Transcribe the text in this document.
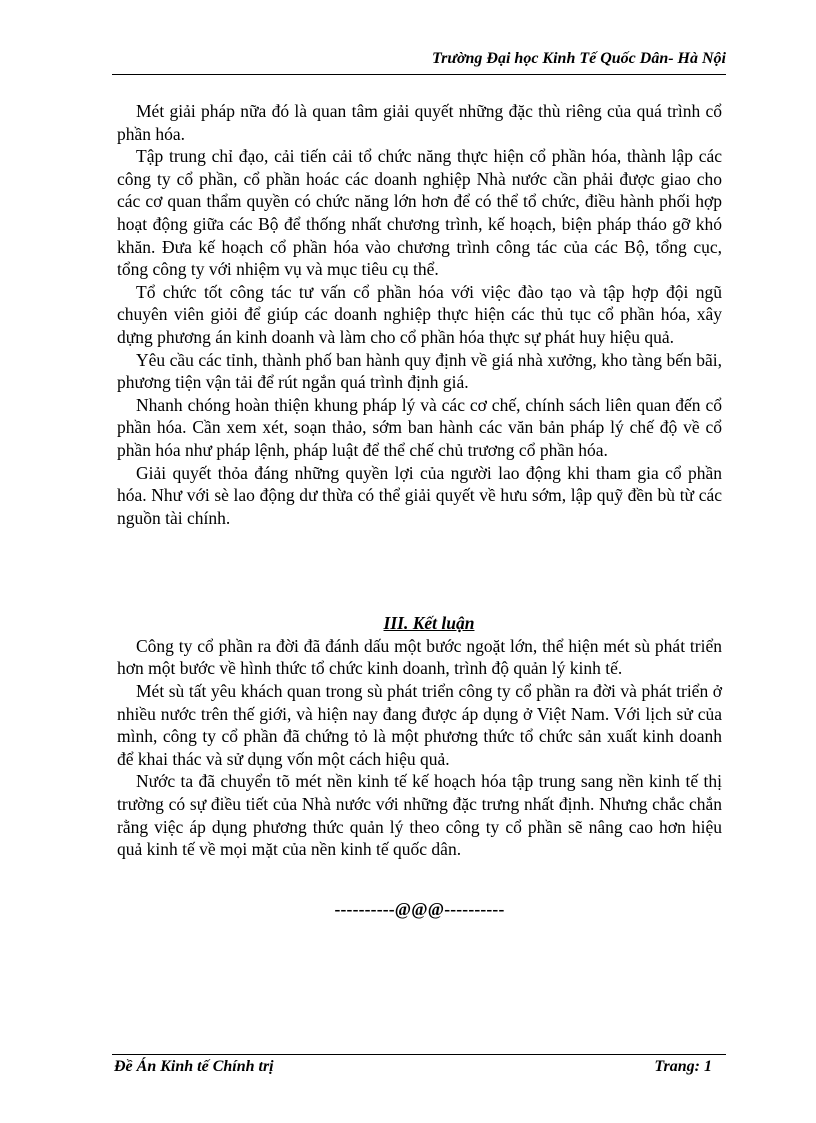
Trường Đại học Kinh Tế Quốc Dân- Hà Nội

Mét giải pháp nữa đó là quan tâm giải quyết những đặc thù riêng của quá trình cổ phần hóa.

Tập trung chỉ đạo, cải tiến cải tổ chức năng thực hiện cổ phần hóa, thành lập các công ty cổ phần, cổ phần hoác các doanh nghiệp Nhà nước cần phải được giao cho các cơ quan thẩm quyền có chức năng lớn hơn để có thể tổ chức, điều hành phối hợp hoạt động giữa các Bộ để thống nhất chương trình, kế hoạch, biện pháp tháo gỡ khó khăn. Đưa kế hoạch cổ phần hóa vào chương trình công tác của các Bộ, tổng cục, tổng công ty với nhiệm vụ và mục tiêu cụ thể.

Tổ chức tốt công tác tư vấn cổ phần hóa với việc đào tạo và tập hợp đội ngũ chuyên viên giỏi để giúp các doanh nghiệp thực hiện các thủ tục cổ phần hóa, xây dựng phương án kinh doanh và làm cho cổ phần hóa thực sự phát huy hiệu quả.

Yêu cầu các tỉnh, thành phố ban hành quy định về giá nhà xưởng, kho tàng bến bãi, phương tiện vận tải để rút ngắn quá trình định giá.

Nhanh chóng hoàn thiện khung pháp lý và các cơ chế, chính sách liên quan đến cổ phần hóa. Cần xem xét, soạn thảo, sớm ban hành các văn bản pháp lý chế độ về cổ phần hóa như pháp lệnh, pháp luật để thể chế chủ trương cổ phần hóa.

Giải quyết thỏa đáng những quyền lợi của người lao động khi tham gia cổ phần hóa. Như với sè lao động dư thừa có thể giải quyết về hưu sớm, lập quỹ đền bù từ các nguồn tài chính.

III. Kết luận

Công ty cổ phần ra đời đã đánh dấu một bước ngoặt lớn, thể hiện mét sù phát triển hơn một bước về hình thức tổ chức kinh doanh, trình độ quản lý kinh tế.

Mét sù tất yêu khách quan trong sù phát triển công ty cổ phần ra đời và phát triển ở nhiều nước trên thế giới, và hiện nay đang được áp dụng ở Việt Nam. Với lịch sử của mình, công ty cổ phần đã chứng tỏ là một phương thức tổ chức sản xuất kinh doanh để khai thác và sử dụng vốn một cách hiệu quả.

Nước ta đã chuyển tõ mét nền kinh tế kế hoạch hóa tập trung sang nền kinh tế thị trường có sự điều tiết của Nhà nước với những đặc trưng nhất định. Nhưng chắc chắn rằng việc áp dụng phương thức quản lý theo công ty cổ phần sẽ nâng cao hơn hiệu quả kinh tế về mọi mặt của nền kinh tế quốc dân.

----------@@@----------
Đề Án Kinh tế Chính trị	Trang: 1
